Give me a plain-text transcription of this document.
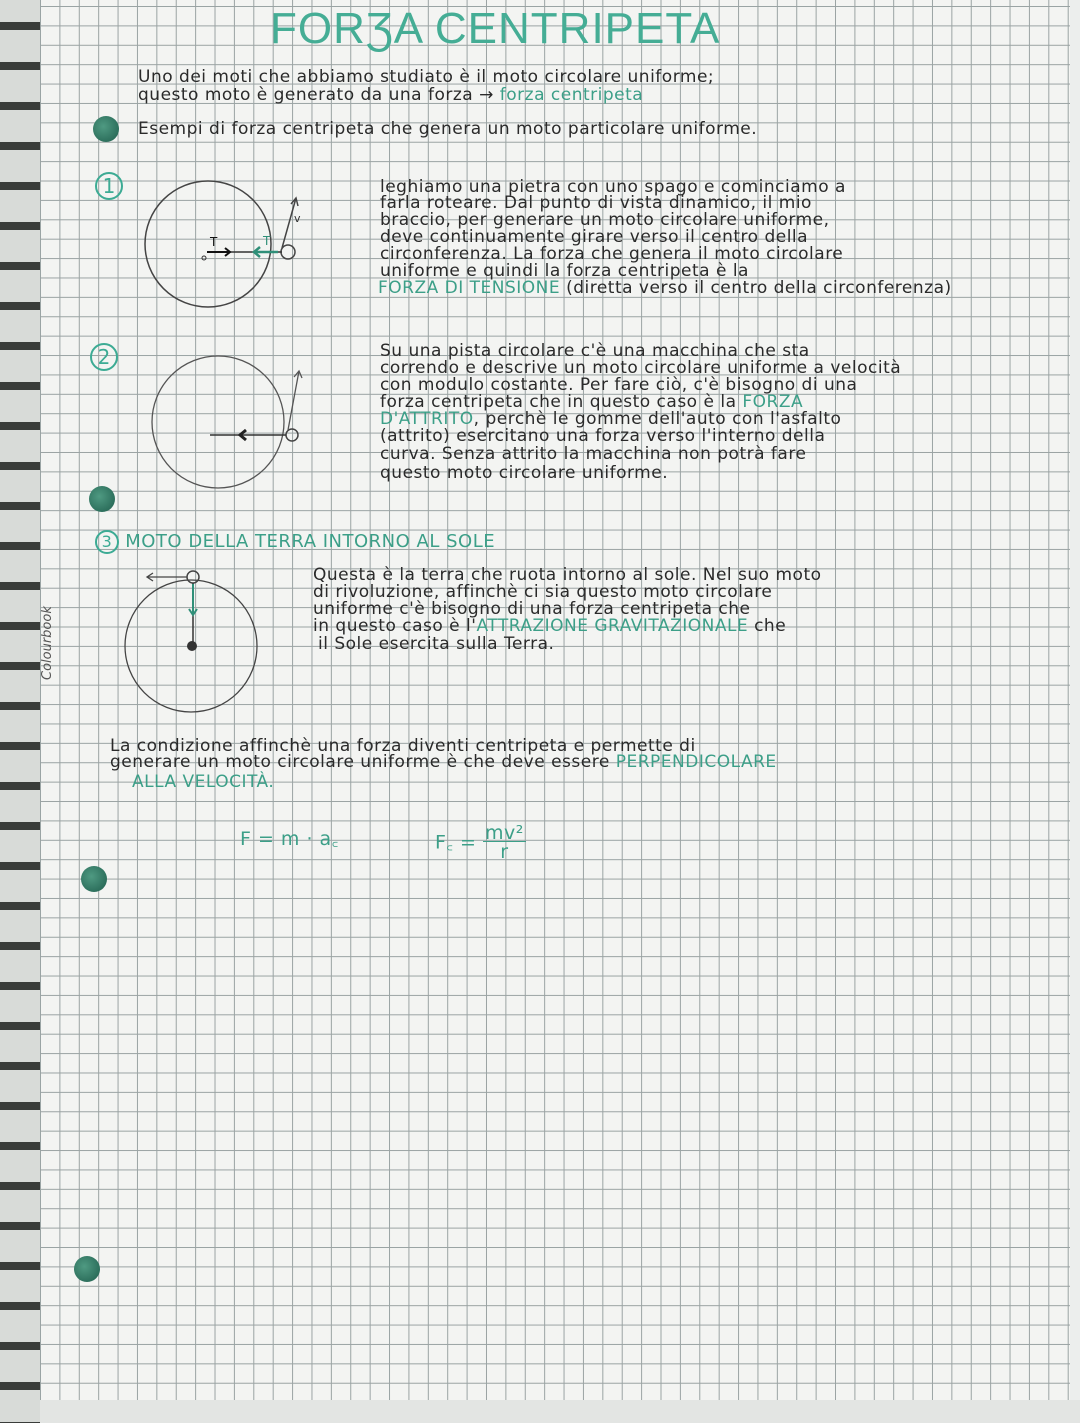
Colourbook
FORƷA CENTRIPETA
Uno dei moti che abbiamo studiato è il moto circolare uniforme;
questo moto è generato da una forza → forza centripeta
Esempi di forza centripeta che genera un moto particolare uniforme.
1
T	T
v
leghiamo una pietra con uno spago e cominciamo a
farla roteare. Dal punto di vista dinamico, il mio
braccio, per generare un moto circolare uniforme,
deve continuamente girare verso il centro della
circonferenza. La forza che genera il moto circolare
uniforme e quindi la forza centripeta è la
FORZA DI TENSIONE (diretta verso il centro della circonferenza)
2	Su una pista circolare c'è una macchina che sta
correndo e descrive un moto circolare uniforme a velocità
con modulo costante. Per fare ciò, c'è bisogno di una
forza centripeta che in questo caso è la FORZA
D'ATTRITO, perchè le gomme dell'auto con l'asfalto
(attrito) esercitano una forza verso l'interno della
curva. Senza attrito la macchina non potrà fare
questo moto circolare uniforme.
3 MOTO DELLA TERRA INTORNO AL SOLE
Questa è la terra che ruota intorno al sole. Nel suo moto
di rivoluzione, affinchè ci sia questo moto circolare
uniforme c'è bisogno di una forza centripeta che
in questo caso è l'ATTRAZIONE GRAVITAZIONALE che
il Sole esercita sulla Terra.
La condizione affinchè una forza diventi centripeta e permette di
generare un moto circolare uniforme è che deve essere PERPENDICOLARE
ALLA VELOCITÀ.
F = m · a꜀	F꜀ = $\frac{\text{mv²}}{r}$
